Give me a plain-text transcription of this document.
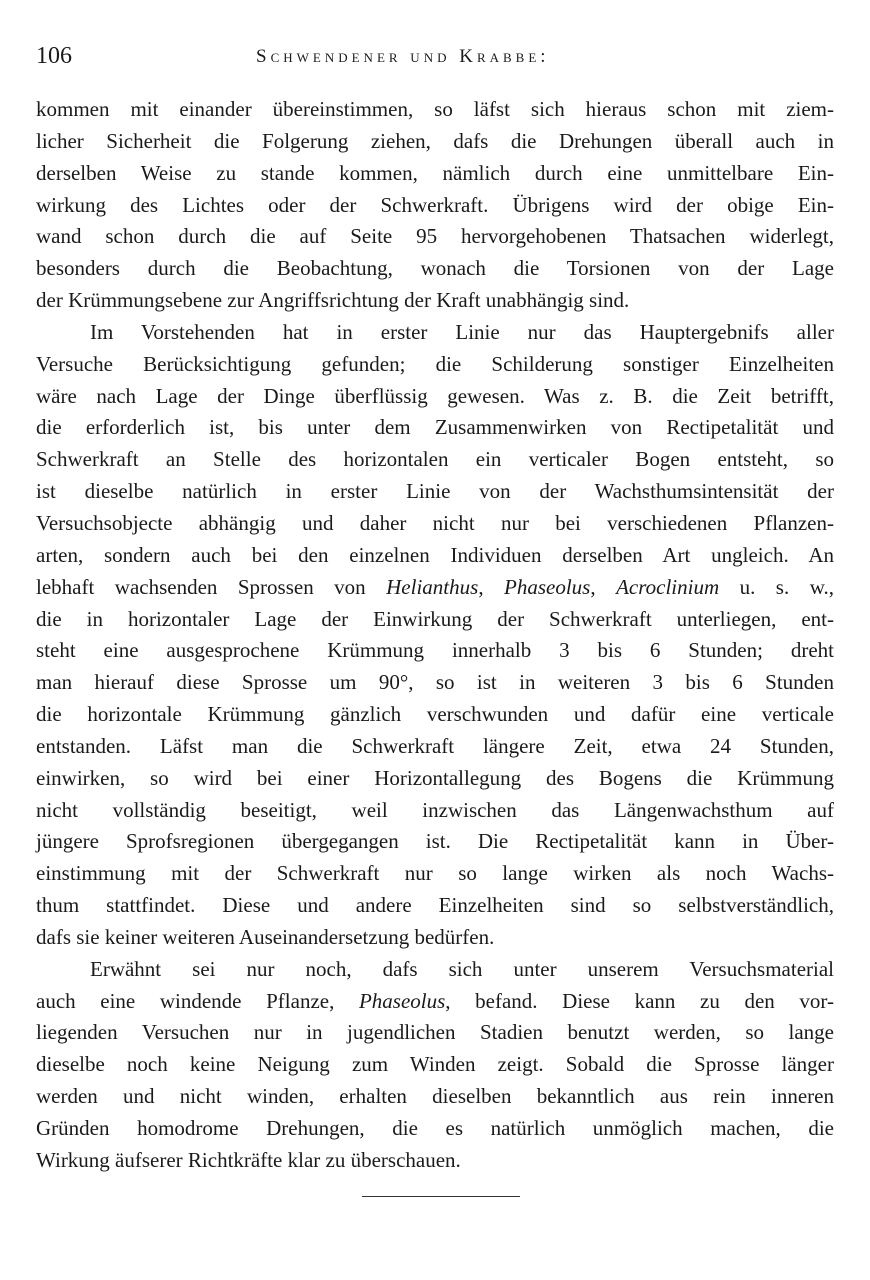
106	Schwendener und Krabbe:
kommen mit einander übereinstimmen, so läfst sich hieraus schon mit ziem-
licher Sicherheit die Folgerung ziehen, dafs die Drehungen überall auch in
derselben Weise zu stande kommen, nämlich durch eine unmittelbare Ein-
wirkung des Lichtes oder der Schwerkraft. Übrigens wird der obige Ein-
wand schon durch die auf Seite 95 hervorgehobenen Thatsachen widerlegt,
besonders durch die Beobachtung, wonach die Torsionen von der Lage
der Krümmungsebene zur Angriffsrichtung der Kraft unabhängig sind.
Im Vorstehenden hat in erster Linie nur das Hauptergebnifs aller
Versuche Berücksichtigung gefunden; die Schilderung sonstiger Einzelheiten
wäre nach Lage der Dinge überflüssig gewesen. Was z. B. die Zeit betrifft,
die erforderlich ist, bis unter dem Zusammenwirken von Rectipetalität und
Schwerkraft an Stelle des horizontalen ein verticaler Bogen entsteht, so
ist dieselbe natürlich in erster Linie von der Wachsthumsintensität der
Versuchsobjecte abhängig und daher nicht nur bei verschiedenen Pflanzen-
arten, sondern auch bei den einzelnen Individuen derselben Art ungleich. An
lebhaft wachsenden Sprossen von Helianthus, Phaseolus, Acroclinium u. s. w.,
die in horizontaler Lage der Einwirkung der Schwerkraft unterliegen, ent-
steht eine ausgesprochene Krümmung innerhalb 3 bis 6 Stunden; dreht
man hierauf diese Sprosse um 90°, so ist in weiteren 3 bis 6 Stunden
die horizontale Krümmung gänzlich verschwunden und dafür eine verticale
entstanden. Läfst man die Schwerkraft längere Zeit, etwa 24 Stunden,
einwirken, so wird bei einer Horizontallegung des Bogens die Krümmung
nicht vollständig beseitigt, weil inzwischen das Längenwachsthum auf
jüngere Sprofsregionen übergegangen ist. Die Rectipetalität kann in Über-
einstimmung mit der Schwerkraft nur so lange wirken als noch Wachs-
thum stattfindet. Diese und andere Einzelheiten sind so selbstverständlich,
dafs sie keiner weiteren Auseinandersetzung bedürfen.
Erwähnt sei nur noch, dafs sich unter unserem Versuchsmaterial
auch eine windende Pflanze, Phaseolus, befand. Diese kann zu den vor-
liegenden Versuchen nur in jugendlichen Stadien benutzt werden, so lange
dieselbe noch keine Neigung zum Winden zeigt. Sobald die Sprosse länger
werden und nicht winden, erhalten dieselben bekanntlich aus rein inneren
Gründen homodrome Drehungen, die es natürlich unmöglich machen, die
Wirkung äufserer Richtkräfte klar zu überschauen.
